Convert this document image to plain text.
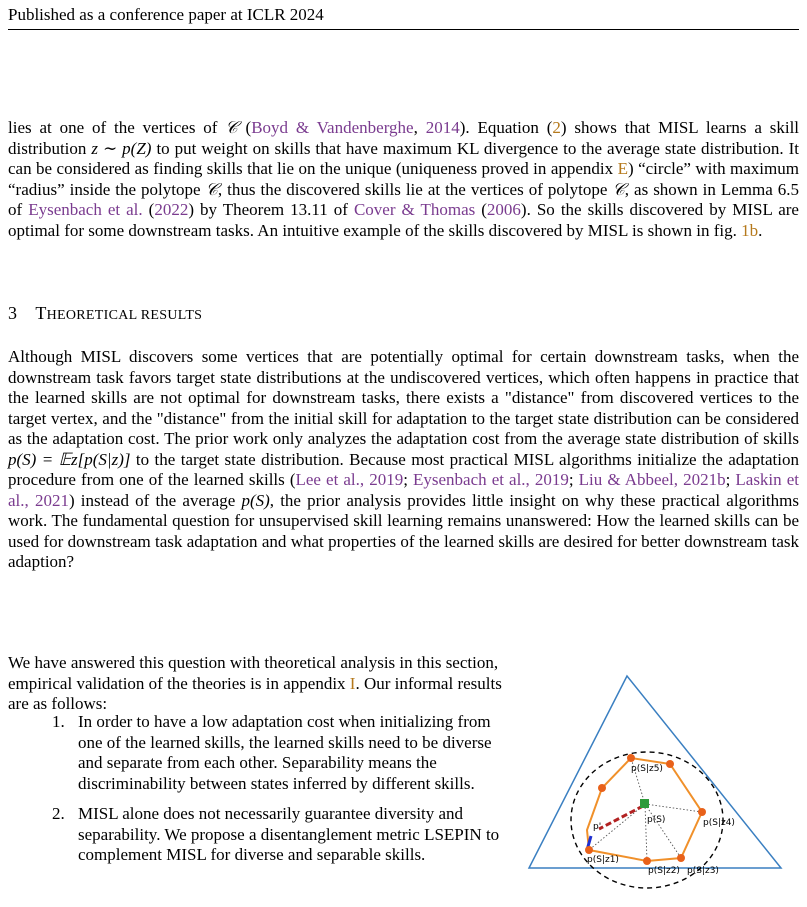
Published as a conference paper at ICLR 2024

lies at one of the vertices of 𝒞 (Boyd & Vandenberghe, 2014). Equation (2) shows that MISL learns a skill distribution z ∼ p(Z) to put weight on skills that have maximum KL divergence to the average state distribution. It can be considered as finding skills that lie on the unique (uniqueness proved in appendix E) “circle” with maximum “radius” inside the polytope 𝒞, thus the discovered skills lie at the vertices of polytope 𝒞, as shown in Lemma 6.5 of Eysenbach et al. (2022) by Theorem 13.11 of Cover & Thomas (2006). So the skills discovered by MISL are optimal for some downstream tasks. An intuitive example of the skills discovered by MISL is shown in fig. 1b.

3 THEORETICAL RESULTS

Although MISL discovers some vertices that are potentially optimal for certain downstream tasks, when the downstream task favors target state distributions at the undiscovered vertices, which often happens in practice that the learned skills are not optimal for downstream tasks, there exists a "distance" from discovered vertices to the target vertex, and the "distance" from the initial skill for adaptation to the target state distribution can be considered as the adaptation cost. The prior work only analyzes the adaptation cost from the average state distribution of skills p(S) = 𝔼z[p(S|z)] to the target state distribution. Because most practical MISL algorithms initialize the adaptation procedure from one of the learned skills (Lee et al., 2019; Eysenbach et al., 2019; Liu & Abbeel, 2021b; Laskin et al., 2021) instead of the average p(S), the prior analysis provides little insight on why these practical algorithms work. The fundamental question for unsupervised skill learning remains unanswered: How the learned skills can be used for downstream task adaptation and what properties of the learned skills are desired for better downstream task adaption?

We have answered this question with theoretical analysis in this section, empirical validation of the theories is in appendix I. Our informal results are as follows:

1. In order to have a low adaptation cost when initializing from one of the learned skills, the learned skills need to be diverse and separate from each other. Separability means the discriminability between states inferred by different skills.
2. MISL alone does not necessarily guarantee diversity and separability. We propose a disentanglement metric LSEPIN to complement MISL for diverse and separable skills.
p(S|z5)
p(S)	p(S|z4)
p'
p(S|z1)
p(S|z2) p(S|z3)
